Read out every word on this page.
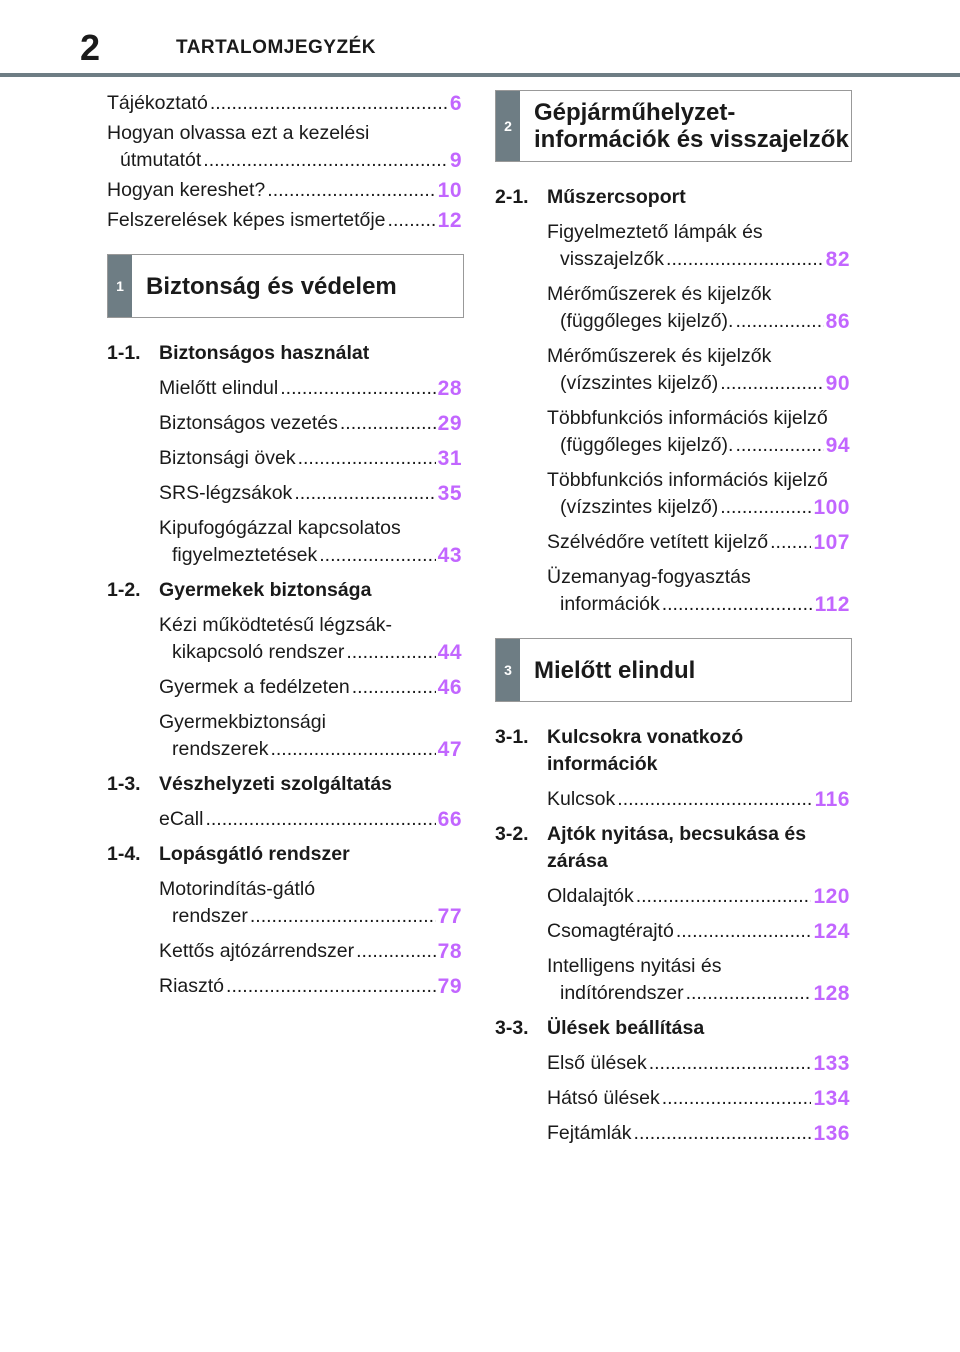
2	TARTALOMJEGYZÉK
Tájékoztató .....	6
Hogyan olvassa ezt a kezelési
útmutatót .....	9
Hogyan kereshet? .....	10
Felszerelések képes ismertetője ..... 12
1 Biztonság és védelem
1-1. Biztonságos használat
Mielőtt elindul .....	28
Biztonságos vezetés .....	29
Biztonsági övek .....	31
SRS-légzsákok .....	35
Kipufogógázzal kapcsolatos
figyelmeztetések .....	43
1-2. Gyermekek biztonsága
Kézi működtetésű légzsák-
kikapcsoló rendszer .....	44
Gyermek a fedélzeten .....	46
Gyermekbiztonsági
rendszerek .....	47
1-3. Vészhelyzeti szolgáltatás
eCall .....	66
1-4. Lopásgátló rendszer
Motorindítás-gátló
rendszer .....	77
Kettős ajtózárrendszer .....	78
Riasztó .....	79
2 Gépjárműhelyzet-
információk és visszajelzők
2-1. Műszercsoport
Figyelmeztető lámpák és
visszajelzők .....	82
Mérőműszerek és kijelzők
(függőleges kijelző). .....	86
Mérőműszerek és kijelzők
(vízszintes kijelző) .....	90
Többfunkciós információs kijelző
(függőleges kijelző). .....	94
Többfunkciós információs kijelző
(vízszintes kijelző) .....	100
Szélvédőre vetített kijelző ..... 107
Üzemanyag-fogyasztás
információk .....	112
3 Mielőtt elindul
3-1. Kulcsokra vonatkozó információk
Kulcsok .....	116
3-2. Ajtók nyitása, becsukása és zárása
Oldalajtók .....	120
Csomagtérajtó .....	124
Intelligens nyitási és
indítórendszer .....	128
3-3. Ülések beállítása
Első ülések .....	133
Hátsó ülések .....	134
Fejtámlák .....	136
